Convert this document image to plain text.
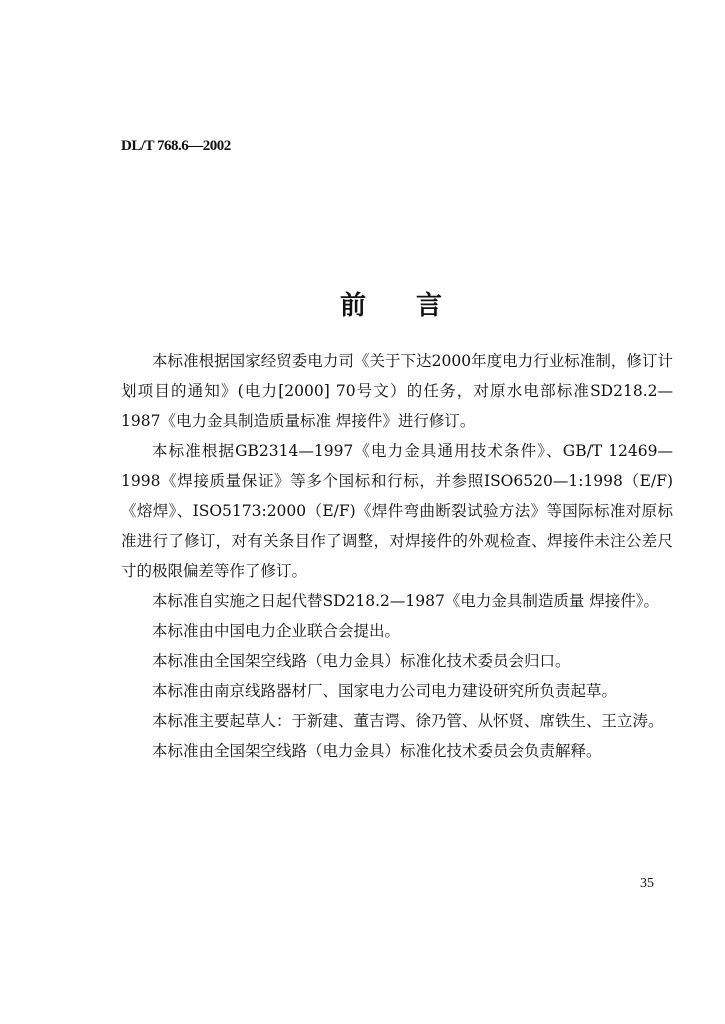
DL/T 768.6—2002
前 言

本标准根据国家经贸委电力司《关于下达2000年度电力行业标准制，修订计划项目的通知》(电力[2000] 70号文）的任务，对原水电部标准SD218.2—1987《电力金具制造质量标准 焊接件》进行修订。

本标准根据GB2314—1997《电力金具通用技术条件》、GB/T 12469—1998《焊接质量保证》等多个国标和行标，并参照ISO6520—1:1998（E/F)《熔焊》、ISO5173:2000（E/F)《焊件弯曲断裂试验方法》等国际标准对原标准进行了修订，对有关条目作了调整，对焊接件的外观检查、焊接件未注公差尺寸的极限偏差等作了修订。

本标准自实施之日起代替SD218.2—1987《电力金具制造质量 焊接件》。

本标准由中国电力企业联合会提出。

本标准由全国架空线路（电力金具）标准化技术委员会归口。

本标准由南京线路器材厂、国家电力公司电力建设研究所负责起草。

本标准主要起草人：于新建、董吉谔、徐乃管、从怀贤、席铁生、王立涛。

本标准由全国架空线路（电力金具）标准化技术委员会负责解释。

35
